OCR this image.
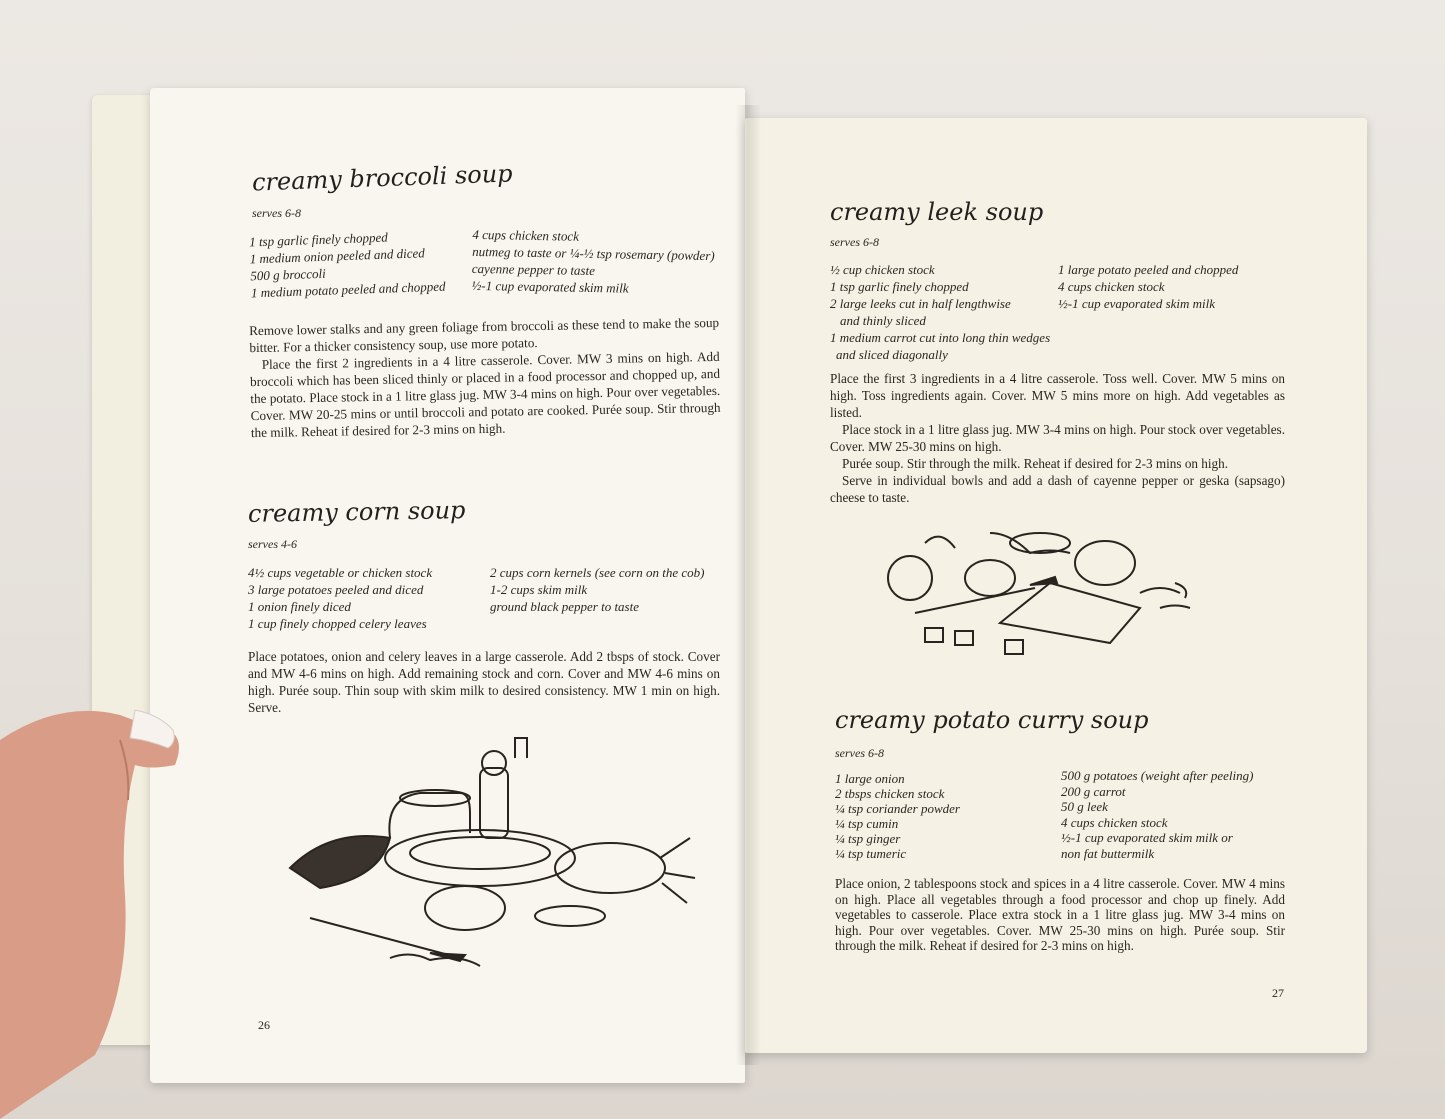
creamy broccoli soup
serves 6-8
1 tsp garlic finely chopped
1 medium onion peeled and diced
500 g broccoli
1 medium potato peeled and chopped
4 cups chicken stock
nutmeg to taste or ¼-½ tsp rosemary (powder)
cayenne pepper to taste
½-1 cup evaporated skim milk

Remove lower stalks and any green foliage from broccoli as these tend to make the soup bitter. For a thicker consistency soup, use more potato.

Place the first 2 ingredients in a 4 litre casserole. Cover. MW 3 mins on high. Add broccoli which has been sliced thinly or placed in a food processor and chopped up, and the potato. Place stock in a 1 litre glass jug. MW 3-4 mins on high. Pour over vegetables. Cover. MW 20-25 mins or until broccoli and potato are cooked. Purée soup. Stir through the milk. Reheat if desired for 2-3 mins on high.

creamy corn soup
serves 4-6
4½ cups vegetable or chicken stock
3 large potatoes peeled and diced
1 onion finely diced
1 cup finely chopped celery leaves
2 cups corn kernels (see corn on the cob)
1-2 cups skim milk
ground black pepper to taste

Place potatoes, onion and celery leaves in a large casserole. Add 2 tbsps of stock. Cover and MW 4-6 mins on high. Add remaining stock and corn. Cover and MW 4-6 mins on high. Purée soup. Thin soup with skim milk to desired consistency. MW 1 min on high. Serve.

26
creamy leek soup
serves 6-8
½ cup chicken stock
1 tsp garlic finely chopped
2 large leeks cut in half lengthwise
and thinly sliced
1 medium carrot cut into long thin wedges
and sliced diagonally
1 large potato peeled and chopped
4 cups chicken stock
½-1 cup evaporated skim milk

Place the first 3 ingredients in a 4 litre casserole. Toss well. Cover. MW 5 mins on high. Toss ingredients again. Cover. MW 5 mins more on high. Add vegetables as listed.

Place stock in a 1 litre glass jug. MW 3-4 mins on high. Pour stock over vegetables. Cover. MW 25-30 mins on high.

Purée soup. Stir through the milk. Reheat if desired for 2-3 mins on high.

Serve in individual bowls and add a dash of cayenne pepper or geska (sapsago) cheese to taste.

creamy potato curry soup
serves 6-8
1 large onion
2 tbsps chicken stock
¼ tsp coriander powder
¼ tsp cumin
¼ tsp ginger
¼ tsp tumeric
500 g potatoes (weight after peeling)
200 g carrot
50 g leek
4 cups chicken stock
½-1 cup evaporated skim milk or
non fat buttermilk

Place onion, 2 tablespoons stock and spices in a 4 litre casserole. Cover. MW 4 mins on high. Place all vegetables through a food processor and chop up finely. Add vegetables to casserole. Place extra stock in a 1 litre glass jug. MW 3-4 mins on high. Pour over vegetables. Cover. MW 25-30 mins on high. Purée soup. Stir through the milk. Reheat if desired for 2-3 mins on high.

27
